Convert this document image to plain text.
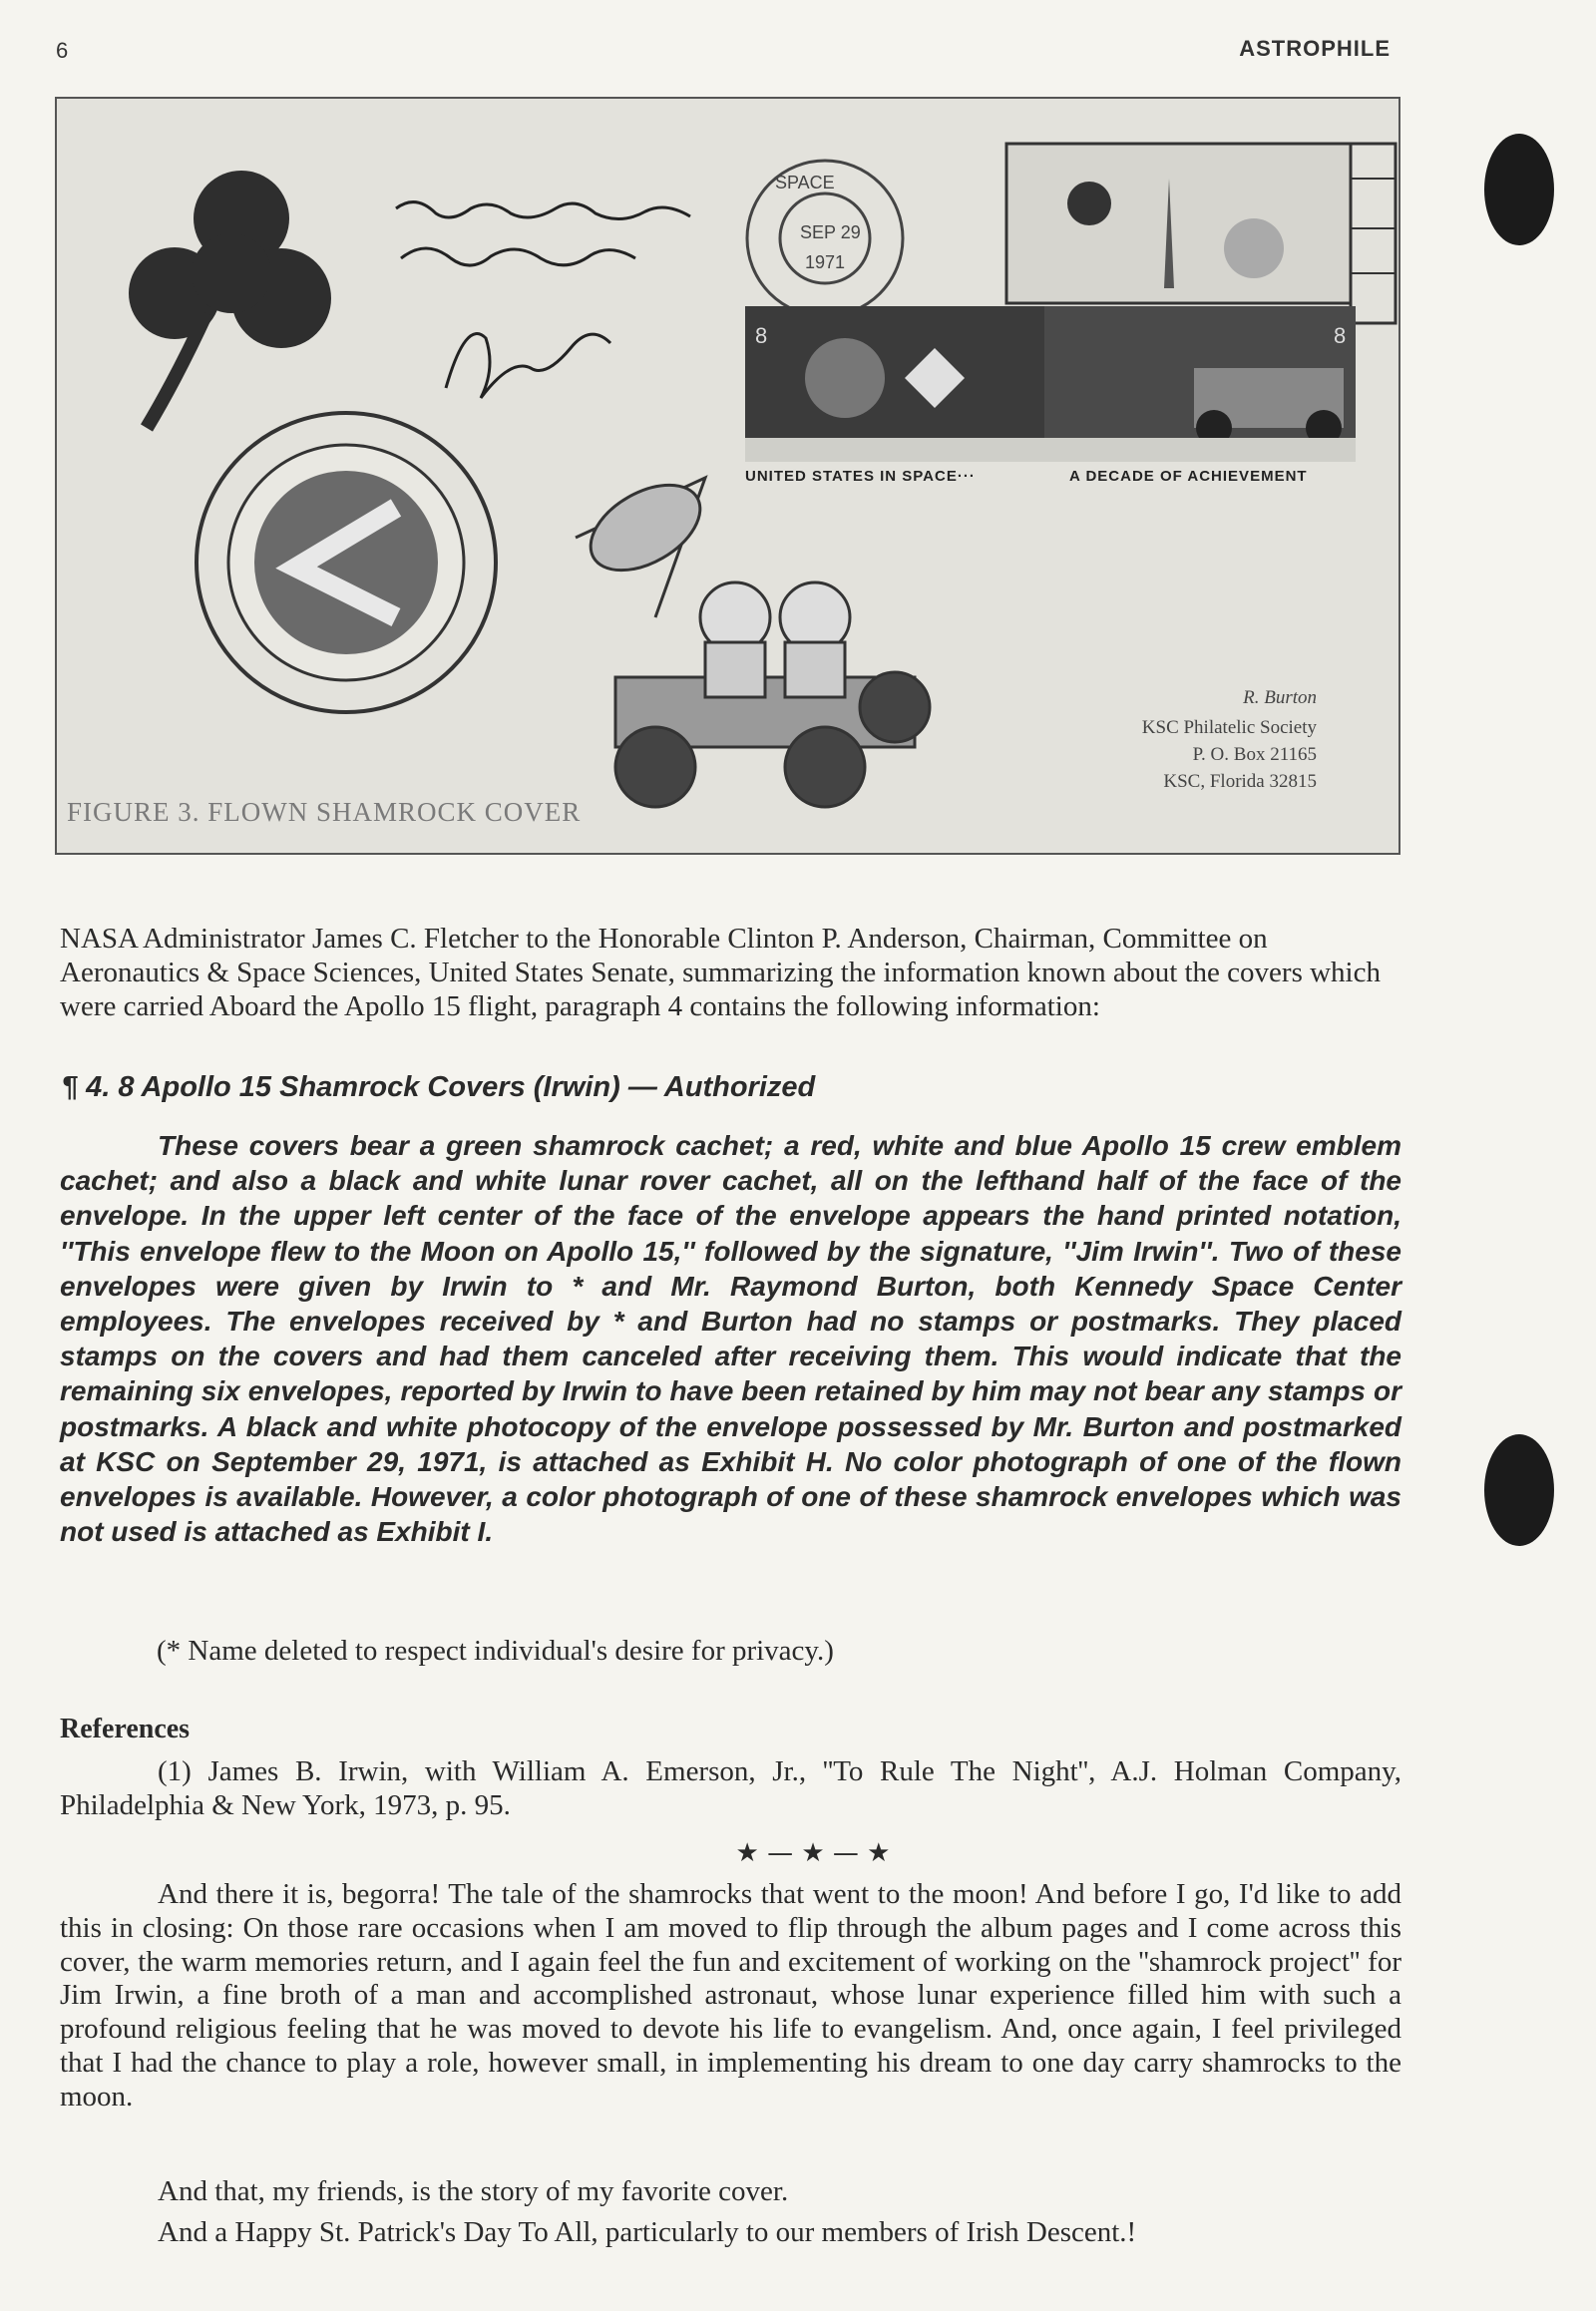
6	ASTROPHILE
SPACE
SEP 29
1971
8	8
UNITED STATES IN SPACE···	A DECADE OF ACHIEVEMENT
R. Burton
KSC Philatelic Society
P. O. Box 21165
KSC, Florida 32815
FIGURE 3. FLOWN SHAMROCK COVER
NASA Administrator James C. Fletcher to the Honorable Clinton P. Anderson, Chairman, Committee on Aeronautics & Space Sciences, United States Senate, summarizing the information known about the covers which were carried Aboard the Apollo 15 flight, paragraph 4 contains the following information:
¶ 4. 8 Apollo 15 Shamrock Covers (Irwin) — Authorized
These covers bear a green shamrock cachet; a red, white and blue Apollo 15 crew emblem cachet; and also a black and white lunar rover cachet, all on the lefthand half of the face of the envelope. In the upper left center of the face of the envelope appears the hand printed notation, ''This envelope flew to the Moon on Apollo 15,'' followed by the signature, ''Jim Irwin''. Two of these envelopes were given by Irwin to * and Mr. Raymond Burton, both Kennedy Space Center employees. The envelopes received by * and Burton had no stamps or postmarks. They placed stamps on the covers and had them canceled after receiving them. This would indicate that the remaining six envelopes, reported by Irwin to have been retained by him may not bear any stamps or postmarks. A black and white photocopy of the envelope possessed by Mr. Burton and postmarked at KSC on September 29, 1971, is attached as Exhibit H. No color photograph of one of the flown envelopes is available. However, a color photograph of one of these shamrock envelopes which was not used is attached as Exhibit I.
(* Name deleted to respect individual's desire for privacy.)
References
(1) James B. Irwin, with William A. Emerson, Jr., ''To Rule The Night'', A.J. Holman Company, Philadelphia & New York, 1973, p. 95.
★ — ★ — ★
And there it is, begorra! The tale of the shamrocks that went to the moon! And before I go, I'd like to add this in closing: On those rare occasions when I am moved to flip through the album pages and I come across this cover, the warm memories return, and I again feel the fun and excitement of working on the ''shamrock project'' for Jim Irwin, a fine broth of a man and accomplished astronaut, whose lunar experience filled him with such a profound religious feeling that he was moved to devote his life to evangelism. And, once again, I feel privileged that I had the chance to play a role, however small, in implementing his dream to one day carry shamrocks to the moon.
And that, my friends, is the story of my favorite cover.
And a Happy St. Patrick's Day To All, particularly to our members of Irish Descent.!
